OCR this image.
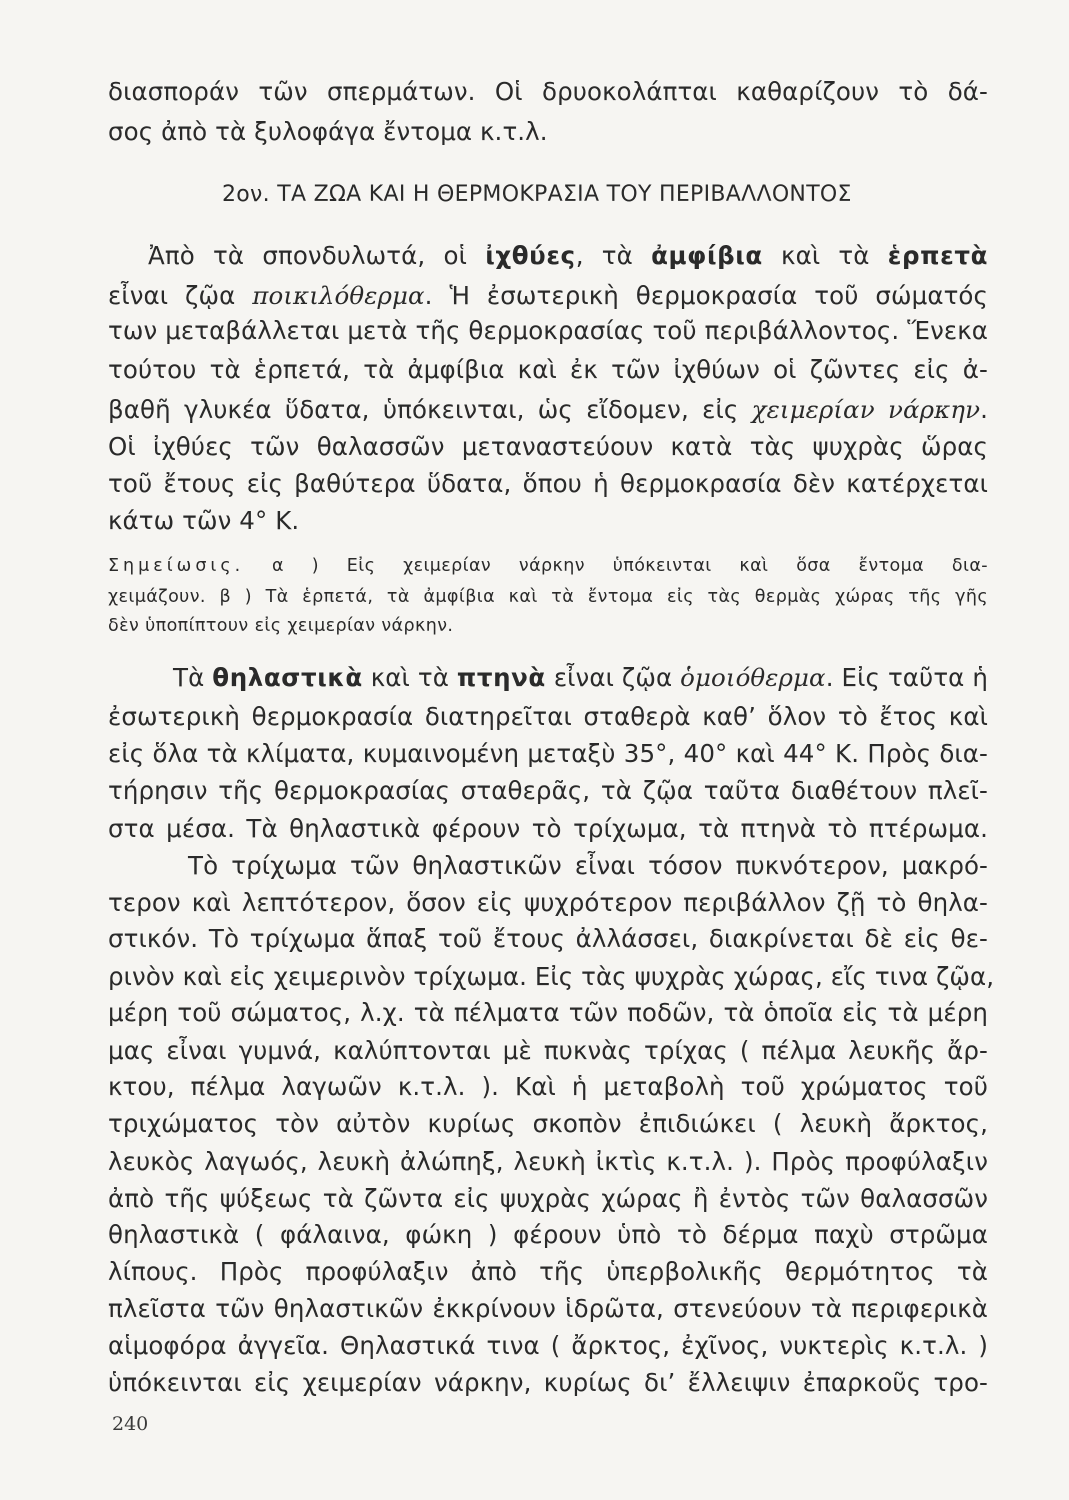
διασποράν τῶν σπερμάτων. Οἱ δρυοκολάπται καθαρίζουν τὸ δά-
σος ἀπὸ τὰ ξυλοφάγα ἔντομα κ.τ.λ.
2ον. ΤΑ ΖΩΑ ΚΑΙ Η ΘΕΡΜΟΚΡΑΣΙΑ ΤΟΥ ΠΕΡΙΒΑΛΛΟΝΤΟΣ
Ἀπὸ τὰ σπονδυλωτά, οἱ ἰχθύες, τὰ ἀμφίβια καὶ τὰ ἑρπετὰ
εἶναι ζῷα ποικιλόθερμα. Ἡ ἐσωτερικὴ θερμοκρασία τοῦ σώματός
των μεταβάλλεται μετὰ τῆς θερμοκρασίας τοῦ περιβάλλοντος. Ἕνεκα
τούτου τὰ ἑρπετά, τὰ ἀμφίβια καὶ ἐκ τῶν ἰχθύων οἱ ζῶντες εἰς ἀ-
βαθῆ γλυκέα ὕδατα, ὑπόκεινται, ὡς εἴδομεν, εἰς χειμερίαν νάρκην.
Οἱ ἰχθύες τῶν θαλασσῶν μεταναστεύουν κατὰ τὰς ψυχρὰς ὥρας
τοῦ ἔτους εἰς βαθύτερα ὕδατα, ὅπου ἡ θερμοκρασία δὲν κατέρχεται
κάτω τῶν 4° Κ.
Σημείωσις. α ) Εἰς χειμερίαν νάρκην ὑπόκεινται καὶ ὅσα ἔντομα δια-
χειμάζουν. β ) Τὰ ἑρπετά, τὰ ἀμφίβια καὶ τὰ ἔντομα εἰς τὰς θερμὰς χώρας τῆς γῆς
δὲν ὑποπίπτουν εἰς χειμερίαν νάρκην.
Τὰ θηλαστικὰ καὶ τὰ πτηνὰ εἶναι ζῷα ὁμοιόθερμα. Εἰς ταῦτα ἡ
ἐσωτερικὴ θερμοκρασία διατηρεῖται σταθερὰ καθ’ ὅλον τὸ ἔτος καὶ
εἰς ὅλα τὰ κλίματα, κυμαινομένη μεταξὺ 35°, 40° καὶ 44° Κ. Πρὸς δια-
τήρησιν τῆς θερμοκρασίας σταθερᾶς, τὰ ζῷα ταῦτα διαθέτουν πλεῖ-
στα μέσα. Τὰ θηλαστικὰ φέρουν τὸ τρίχωμα, τὰ πτηνὰ τὸ πτέρωμα.
Τὸ τρίχωμα τῶν θηλαστικῶν εἶναι τόσον πυκνότερον, μακρό-
τερον καὶ λεπτότερον, ὅσον εἰς ψυχρότερον περιβάλλον ζῇ τὸ θηλα-
στικόν. Τὸ τρίχωμα ἅπαξ τοῦ ἔτους ἀλλάσσει, διακρίνεται δὲ εἰς θε-
ρινὸν καὶ εἰς χειμερινὸν τρίχωμα. Εἰς τὰς ψυχρὰς χώρας, εἴς τινα ζῷα,
μέρη τοῦ σώματος, λ.χ. τὰ πέλματα τῶν ποδῶν, τὰ ὁποῖα εἰς τὰ μέρη
μας εἶναι γυμνά, καλύπτονται μὲ πυκνὰς τρίχας ( πέλμα λευκῆς ἄρ-
κτου, πέλμα λαγωῶν κ.τ.λ. ). Καὶ ἡ μεταβολὴ τοῦ χρώματος τοῦ
τριχώματος τὸν αὐτὸν κυρίως σκοπὸν ἐπιδιώκει ( λευκὴ ἄρκτος,
λευκὸς λαγωός, λευκὴ ἀλώπηξ, λευκὴ ἰκτὶς κ.τ.λ. ). Πρὸς προφύλαξιν
ἀπὸ τῆς ψύξεως τὰ ζῶντα εἰς ψυχρὰς χώρας ἢ ἐντὸς τῶν θαλασσῶν
θηλαστικὰ ( φάλαινα, φώκη ) φέρουν ὑπὸ τὸ δέρμα παχὺ στρῶμα
λίπους. Πρὸς προφύλαξιν ἀπὸ τῆς ὑπερβολικῆς θερμότητος τὰ
πλεῖστα τῶν θηλαστικῶν ἐκκρίνουν ἱδρῶτα, στενεύουν τὰ περιφερικὰ
αἱμοφόρα ἀγγεῖα. Θηλαστικά τινα ( ἄρκτος, ἐχῖνος, νυκτερὶς κ.τ.λ. )
ὑπόκεινται εἰς χειμερίαν νάρκην, κυρίως δι’ ἔλλειψιν ἐπαρκοῦς τρο-
240
